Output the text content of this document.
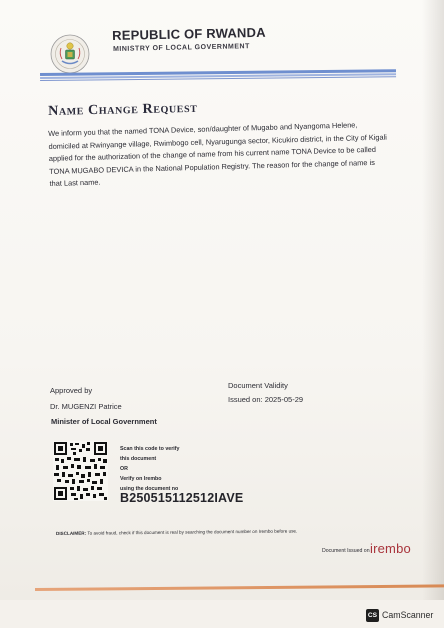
REPUBLIC OF RWANDA
MINISTRY OF LOCAL GOVERNMENT
Name Change Request
We inform you that the named TONA Device, son/daughter of Mugabo and Nyangoma Helene, domiciled at Rwinyange village, Rwimbogo cell, Nyarugunga sector, Kicukiro district, in the City of Kigali applied for the authorization of the change of name from his current name TONA Device to be called TONA MUGABO DEVICA in the National Population Registry. The reason for the change of name is that Last name.
Approved by
Dr. MUGENZI Patrice
Minister of Local Government
Document Validity
Issued on: 2025-05-29
Scan this code to verify
this document
OR
Verify on Irembo
using the document no
B250515112512IAVE
DISCLAIMER: To avoid fraud, check if this document is real by searching the document number on Irembo before use.
Document Issued on irembo
CS CamScanner
